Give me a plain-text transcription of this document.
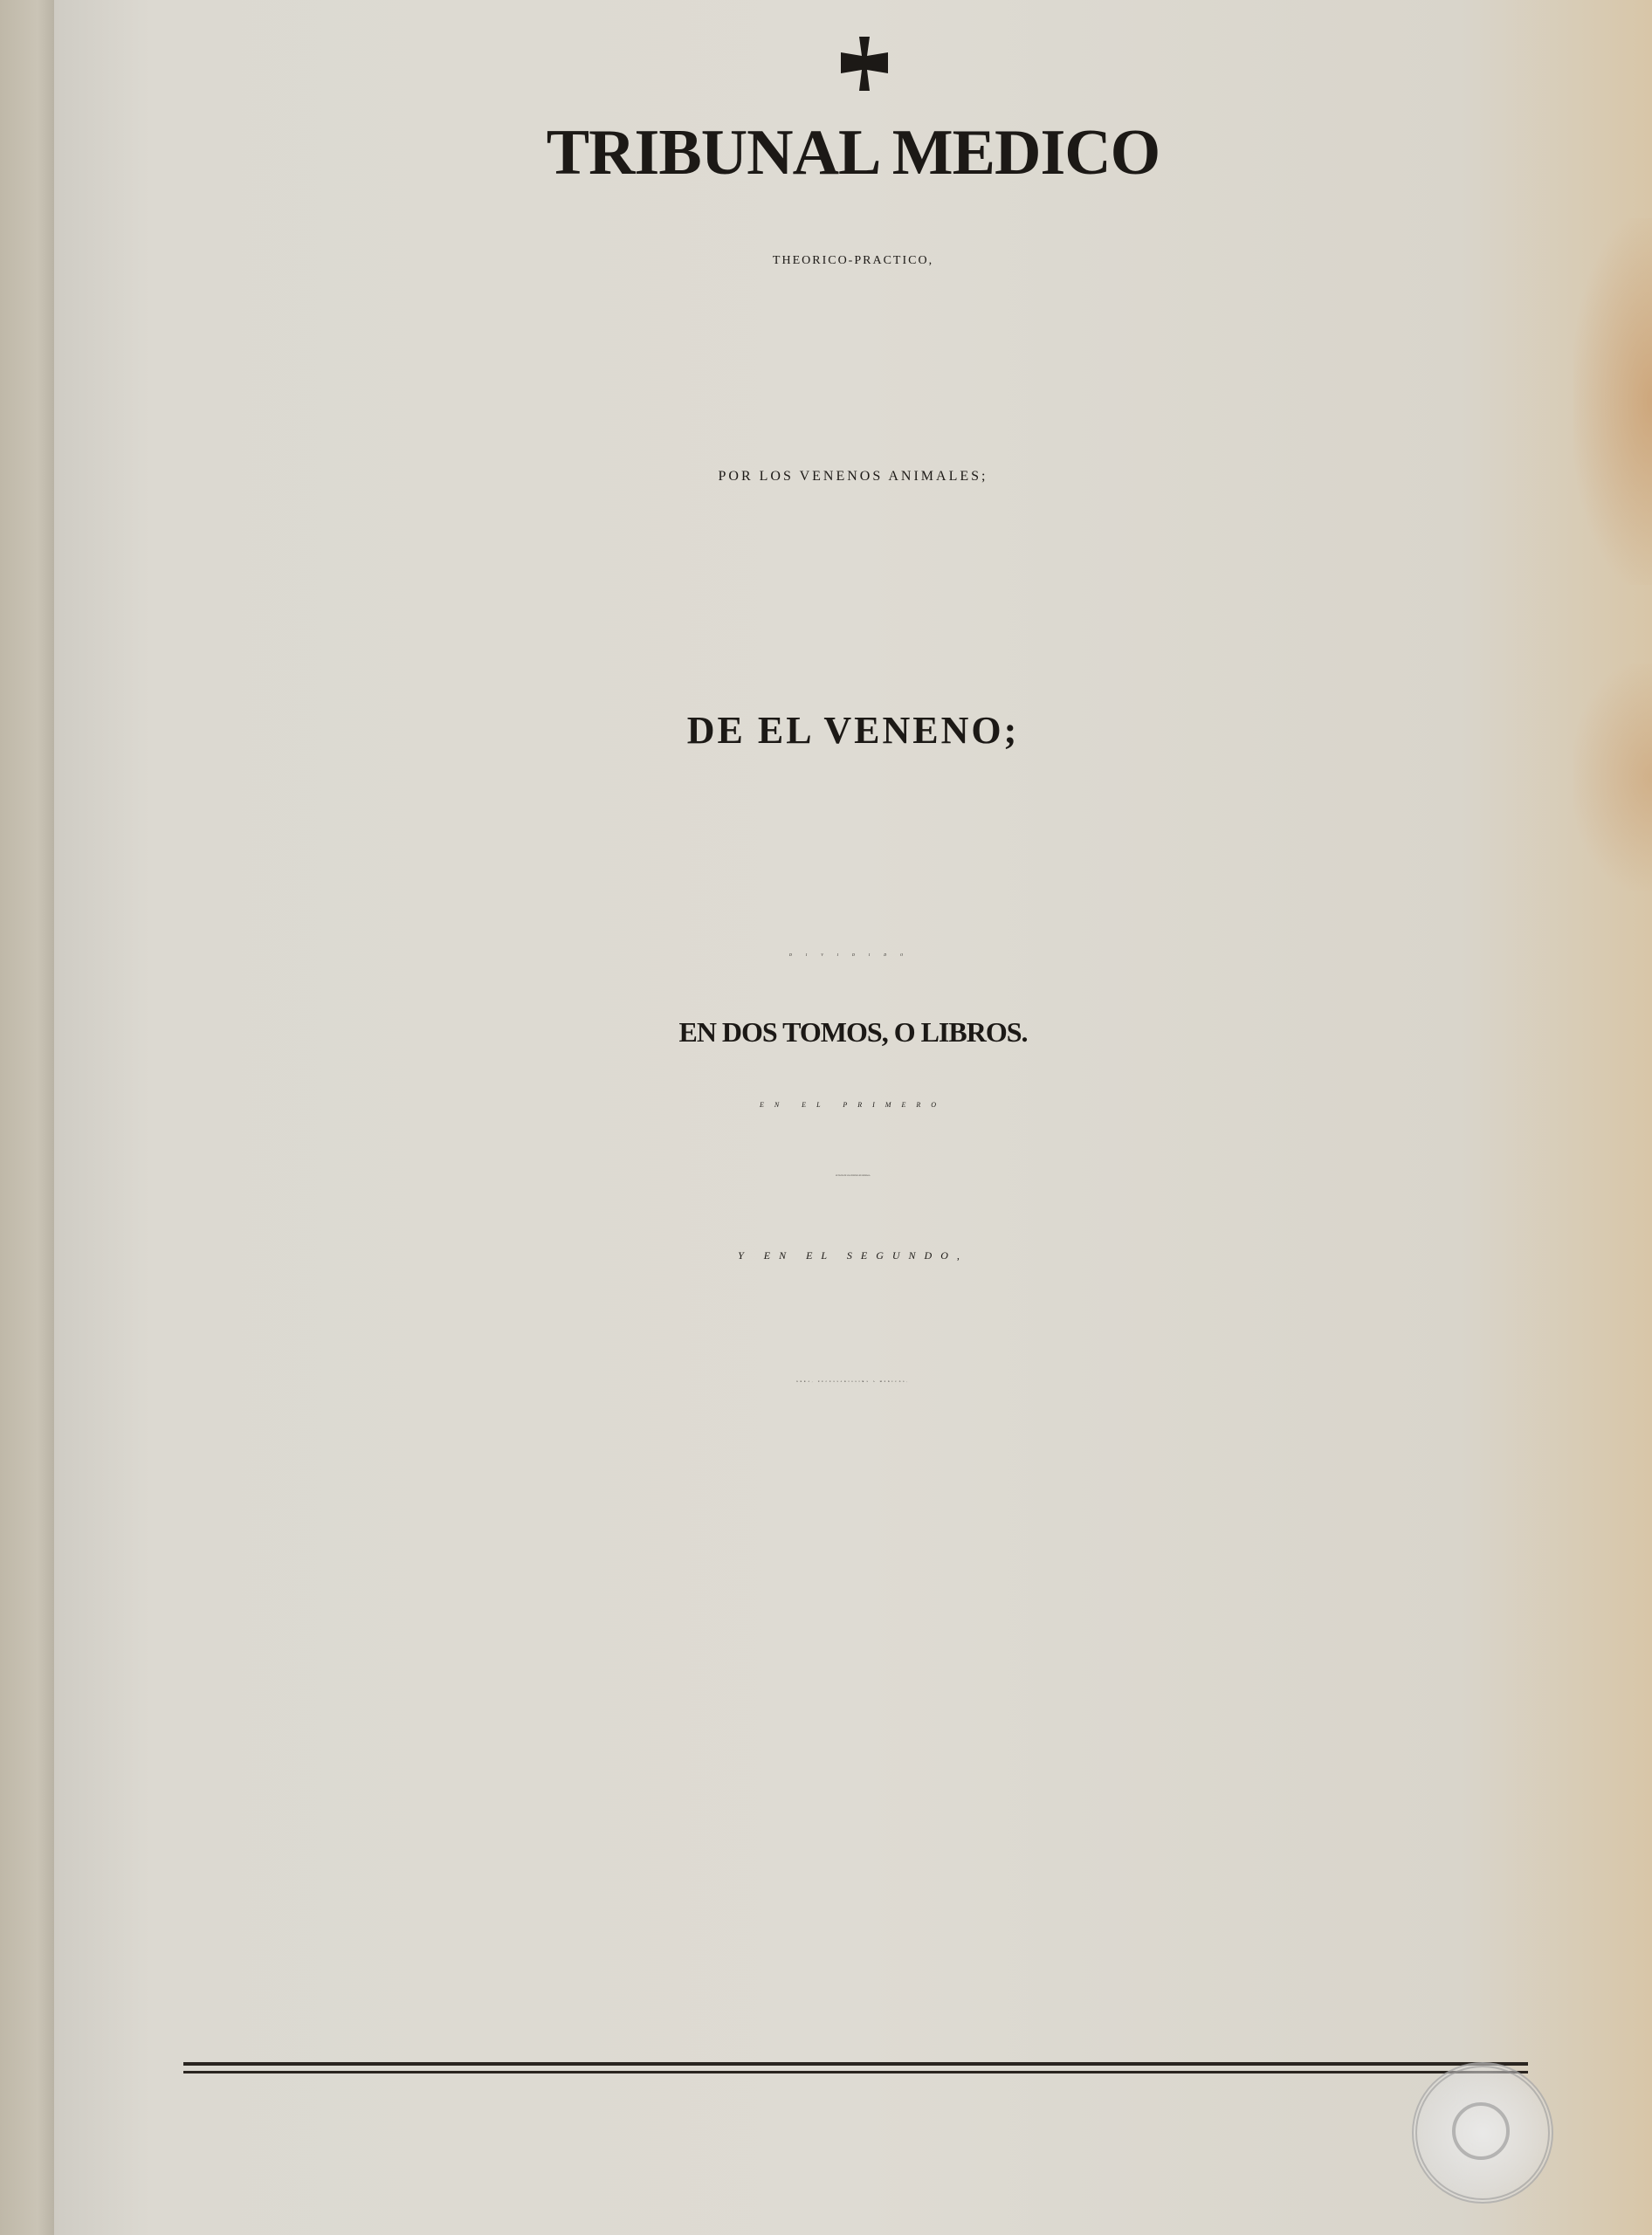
TRIBUNAL MEDICO
THEORICO-PRACTICO,
POR LOS VENENOS ANIMALES;
DE EL VENENO;
DIVIDIDO
EN DOS TOMOS, O LIBROS.
EN EL PRIMERO
SE TRATA DE LOS VENENOS EN GENERAL:
Y EN EL SEGUNDO,
OBRA, NECESSARISSIMA A MEDICOS,
